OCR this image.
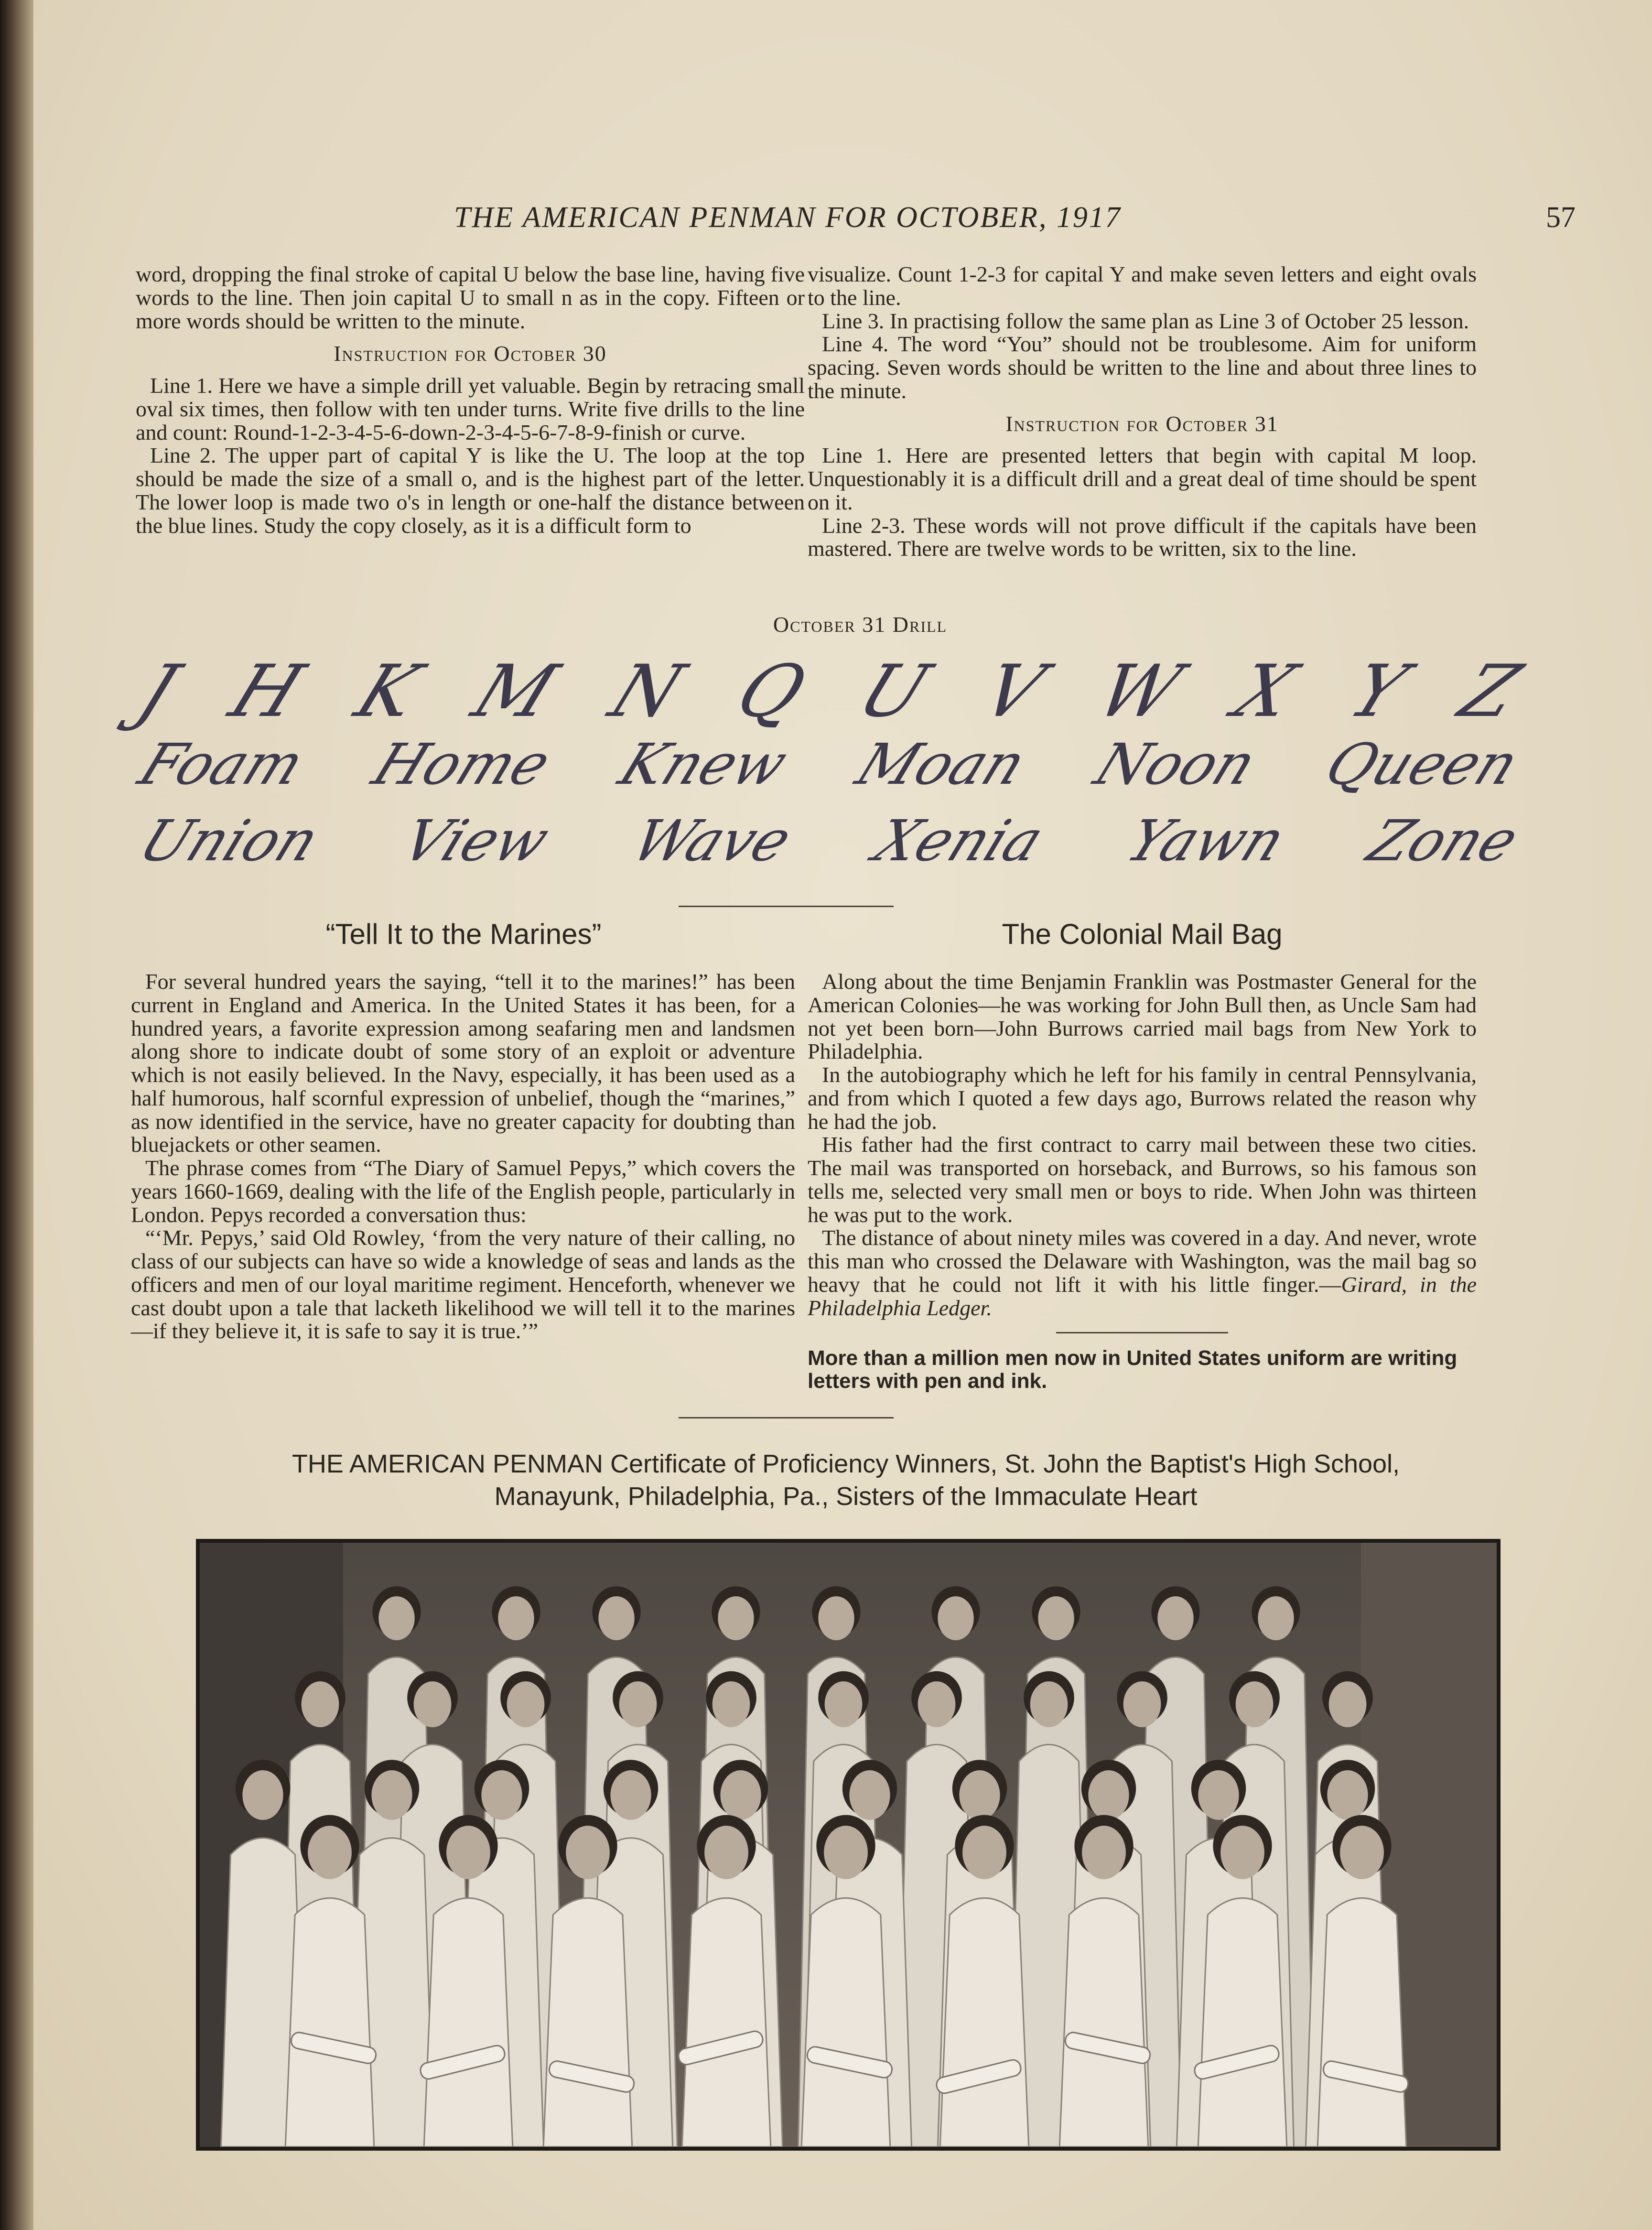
THE AMERICAN PENMAN FOR OCTOBER, 1917	57

word, dropping the final stroke of capital U below the base line, having five words to the line. Then join capital U to small n as in the copy. Fifteen or more words should be written to the minute.

Instruction for October 30

Line 1. Here we have a simple drill yet valuable. Begin by retracing small oval six times, then follow with ten under turns. Write five drills to the line and count: Round-1-2-3-4-5-6-down-2-3-4-5-6-7-8-9-finish or curve.

Line 2. The upper part of capital Y is like the U. The loop at the top should be made the size of a small o, and is the highest part of the letter. The lower loop is made two o's in length or one-half the distance between the blue lines. Study the copy closely, as it is a difficult form to

visualize. Count 1-2-3 for capital Y and make seven letters and eight ovals to the line.

Line 3. In practising follow the same plan as Line 3 of October 25 lesson.

Line 4. The word “You” should not be troublesome. Aim for uniform spacing. Seven words should be written to the line and about three lines to the minute.

Instruction for October 31

Line 1. Here are presented letters that begin with capital M loop. Unquestionably it is a difficult drill and a great deal of time should be spent on it.

Line 2-3. These words will not prove difficult if the capitals have been mastered. There are twelve words to be written, six to the line.

October 31 Drill
J H K M N Q U V W X Y Z
Foam Home Knew Moan Noon Queen
Union View Wave Xenia Yawn Zone
“Tell It to the Marines”

For several hundred years the saying, “tell it to the marines!” has been current in England and America. In the United States it has been, for a hundred years, a favorite expression among seafaring men and landsmen along shore to indicate doubt of some story of an exploit or adventure which is not easily believed. In the Navy, especially, it has been used as a half humorous, half scornful expression of unbelief, though the “marines,” as now identified in the service, have no greater capacity for doubting than bluejackets or other seamen.

The phrase comes from “The Diary of Samuel Pepys,” which covers the years 1660-1669, dealing with the life of the English people, particularly in London. Pepys recorded a conversation thus:

“‘Mr. Pepys,’ said Old Rowley, ‘from the very nature of their calling, no class of our subjects can have so wide a knowledge of seas and lands as the officers and men of our loyal maritime regiment. Henceforth, whenever we cast doubt upon a tale that lacketh likelihood we will tell it to the marines—if they believe it, it is safe to say it is true.’”

The Colonial Mail Bag

Along about the time Benjamin Franklin was Postmaster General for the American Colonies—he was working for John Bull then, as Uncle Sam had not yet been born—John Burrows carried mail bags from New York to Philadelphia.

In the autobiography which he left for his family in central Pennsylvania, and from which I quoted a few days ago, Burrows related the reason why he had the job.

His father had the first contract to carry mail between these two cities. The mail was transported on horseback, and Burrows, so his famous son tells me, selected very small men or boys to ride. When John was thirteen he was put to the work.

The distance of about ninety miles was covered in a day. And never, wrote this man who crossed the Delaware with Washington, was the mail bag so heavy that he could not lift it with his little finger.—Girard, in the Philadelphia Ledger.

More than a million men now in United States uniform are writing letters with pen and ink.
THE AMERICAN PENMAN Certificate of Proficiency Winners, St. John the Baptist's High School,
Manayunk, Philadelphia, Pa., Sisters of the Immaculate Heart
